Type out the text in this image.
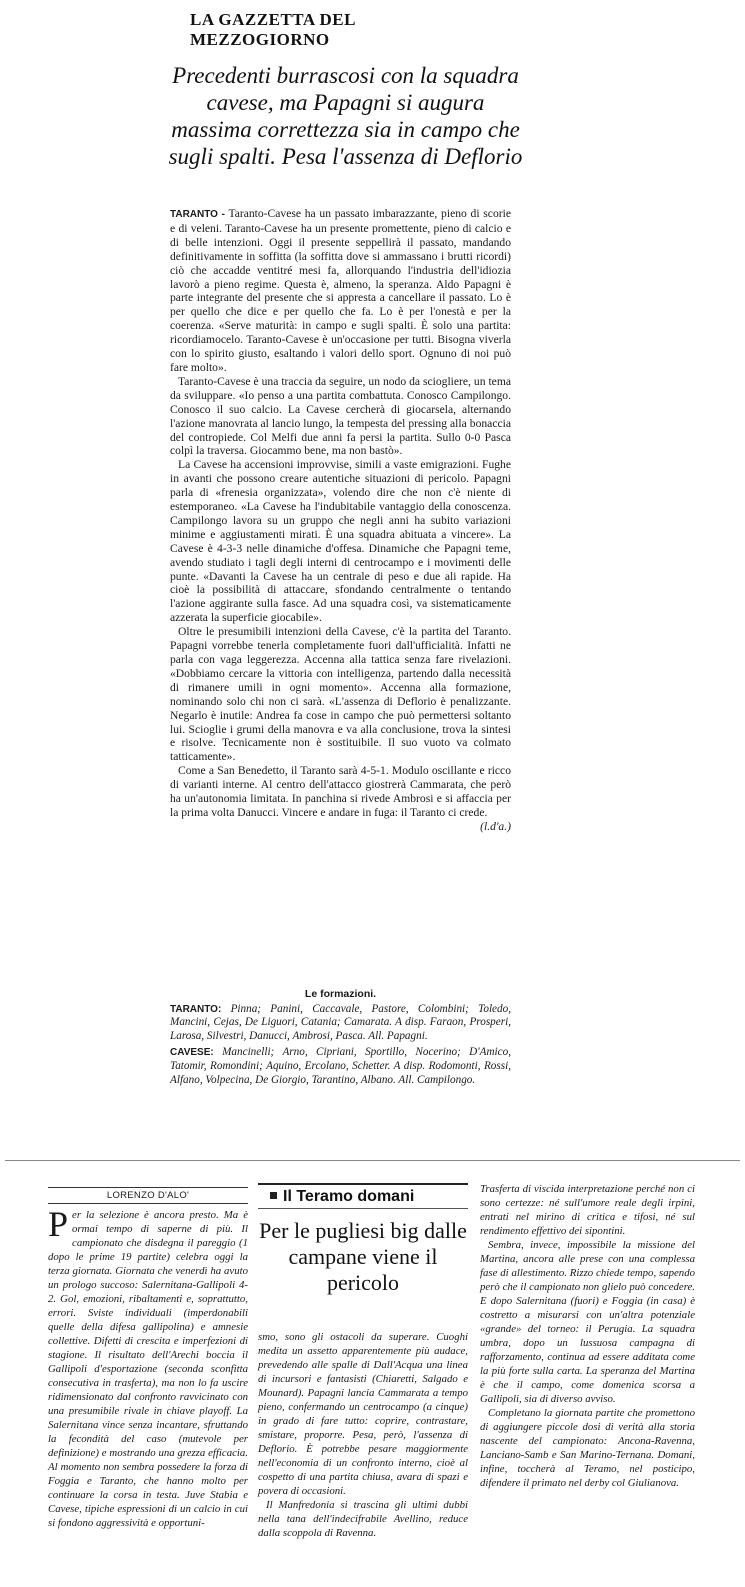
LA GAZZETTA DEL MEZZOGIORNO
Precedenti burrascosi con la squadra cavese, ma Papagni si augura massima correttezza sia in campo che sugli spalti. Pesa l'assenza di Deflorio

TARANTO - Taranto-Cavese ha un passato imbarazzante, pieno di scorie e di veleni. Taranto-Cavese ha un presente promettente, pieno di calcio e di belle intenzioni. Oggi il presente seppellirà il passato, mandando definitivamente in soffitta (la soffitta dove si ammassano i brutti ricordi) ciò che accadde ventitré mesi fa, allorquando l'industria dell'idiozia lavorò a pieno regime. Questa è, almeno, la speranza. Aldo Papagni è parte integrante del presente che si appresta a cancellare il passato. Lo è per quello che dice e per quello che fa. Lo è per l'onestà e per la coerenza. «Serve maturità: in campo e sugli spalti. È solo una partita: ricordiamocelo. Taranto-Cavese è un'occasione per tutti. Bisogna viverla con lo spirito giusto, esaltando i valori dello sport. Ognuno di noi può fare molto».

Taranto-Cavese è una traccia da seguire, un nodo da sciogliere, un tema da sviluppare. «Io penso a una partita combattuta. Conosco Campilongo. Conosco il suo calcio. La Cavese cercherà di giocarsela, alternando l'azione manovrata al lancio lungo, la tempesta del pressing alla bonaccia del contropiede. Col Melfi due anni fa persi la partita. Sullo 0-0 Pasca colpì la traversa. Giocammo bene, ma non bastò».

La Cavese ha accensioni improvvise, simili a vaste emigrazioni. Fughe in avanti che possono creare autentiche situazioni di pericolo. Papagni parla di «frenesia organizzata», volendo dire che non c'è niente di estemporaneo. «La Cavese ha l'indubitabile vantaggio della conoscenza. Campilongo lavora su un gruppo che negli anni ha subito variazioni minime e aggiustamenti mirati. È una squadra abituata a vincere». La Cavese è 4-3-3 nelle dinamiche d'offesa. Dinamiche che Papagni teme, avendo studiato i tagli degli interni di centrocampo e i movimenti delle punte. «Davanti la Cavese ha un centrale di peso e due ali rapide. Ha cioè la possibilità di attaccare, sfondando centralmente o tentando l'azione aggirante sulla fasce. Ad una squadra così, va sistematicamente azzerata la superficie giocabile».

Oltre le presumibili intenzioni della Cavese, c'è la partita del Taranto. Papagni vorrebbe tenerla completamente fuori dall'ufficialità. Infatti ne parla con vaga leggerezza. Accenna alla tattica senza fare rivelazioni. «Dobbiamo cercare la vittoria con intelligenza, partendo dalla necessità di rimanere umili in ogni momento». Accenna alla formazione, nominando solo chi non ci sarà. «L'assenza di Deflorio è penalizzante. Negarlo è inutile: Andrea fa cose in campo che può permettersi soltanto lui. Scioglie i grumi della manovra e va alla conclusione, trova la sintesi e risolve. Tecnicamente non è sostituibile. Il suo vuoto va colmato tatticamente».

Come a San Benedetto, il Taranto sarà 4-5-1. Modulo oscillante e ricco di varianti interne. Al centro dell'attacco giostrerà Cammarata, che però ha un'autonomia limitata. In panchina si rivede Ambrosi e si affaccia per la prima volta Danucci. Vincere e andare in fuga: il Taranto ci crede.

(l.d'a.)
Le formazioni.

TARANTO: Pinna; Panini, Caccavale, Pastore, Colombini; Toledo, Mancini, Cejas, De Liguori, Catania; Camarata. A disp. Faraon, Prosperi, Larosa, Silvestri, Danucci, Ambrosi, Pasca. All. Papagni.

CAVESE: Mancinelli; Arno, Cipriani, Sportillo, Nocerino; D'Amico, Tatomir, Romondini; Aquino, Ercolano, Schetter. A disp. Rodomonti, Rossi, Alfano, Volpecina, De Giorgio, Tarantino, Albano. All. Campilongo.

LORENZO D'ALO'

Per la selezione è ancora presto. Ma è ormai tempo di saperne di più. Il campionato che disdegna il pareggio (1 dopo le prime 19 partite) celebra oggi la terza giornata. Giornata che venerdì ha avuto un prologo succoso: Salernitana-Gallipoli 4-2. Gol, emozioni, ribaltamenti e, soprattutto, errori. Sviste individuali (imperdonabili quelle della difesa gallipolina) e amnesie collettive. Difetti di crescita e imperfezioni di stagione. Il risultato dell'Arechi boccia il Gallipoli d'esportazione (seconda sconfitta consecutiva in trasferta), ma non lo fa uscire ridimensionato dal confronto ravvicinato con una presumibile rivale in chiave playoff. La Salernitana vince senza incantare, sfruttando la fecondità del caso (mutevole per definizione) e mostrando una grezza efficacia. Al momento non sembra possedere la forza di Foggia e Taranto, che hanno molto per continuare la corsa in testa. Juve Stabia e Cavese, tipiche espressioni di un calcio in cui si fondono aggressività e opportuni-

Il Teramo domani
Per le pugliesi big dalle campane viene il pericolo

smo, sono gli ostacoli da superare. Cuoghi medita un assetto apparentemente più audace, prevedendo alle spalle di Dall'Acqua una linea di incursori e fantasisti (Chiaretti, Salgado e Mounard). Papagni lancia Cammarata a tempo pieno, confermando un centrocampo (a cinque) in grado di fare tutto: coprire, contrastare, smistare, proporre. Pesa, però, l'assenza di Deflorio. È potrebbe pesare maggiormente nell'economia di un confronto interno, cioè al cospetto di una partita chiusa, avara di spazi e povera di occasioni.

Il Manfredonia si trascina gli ultimi dubbi nella tana dell'indecifrabile Avellino, reduce dalla scoppola di Ravenna.

Trasferta di viscida interpretazione perché non ci sono certezze: né sull'umore reale degli irpini, entrati nel mirino di critica e tifosi, né sul rendimento effettivo dei sipontini.

Sembra, invece, impossibile la missione del Martina, ancora alle prese con una complessa fase di allestimento. Rizzo chiede tempo, sapendo però che il campionato non glielo può concedere. E dopo Salernitana (fuori) e Foggia (in casa) è costretto a misurarsi con un'altra potenziale «grande» del torneo: il Perugia. La squadra umbra, dopo un lussuosa campagna di rafforzamento, continua ad essere additata come la più forte sulla carta. La speranza del Martina è che il campo, come domenica scorsa a Gallipoli, sia di diverso avviso.

Completano la giornata partite che promettono di aggiungere piccole dosi di verità alla storia nascente del campionato: Ancona-Ravenna, Lanciano-Samb e San Marino-Ternana. Domani, infine, toccherà al Teramo, nel posticipo, difendere il primato nel derby col Giulianova.
